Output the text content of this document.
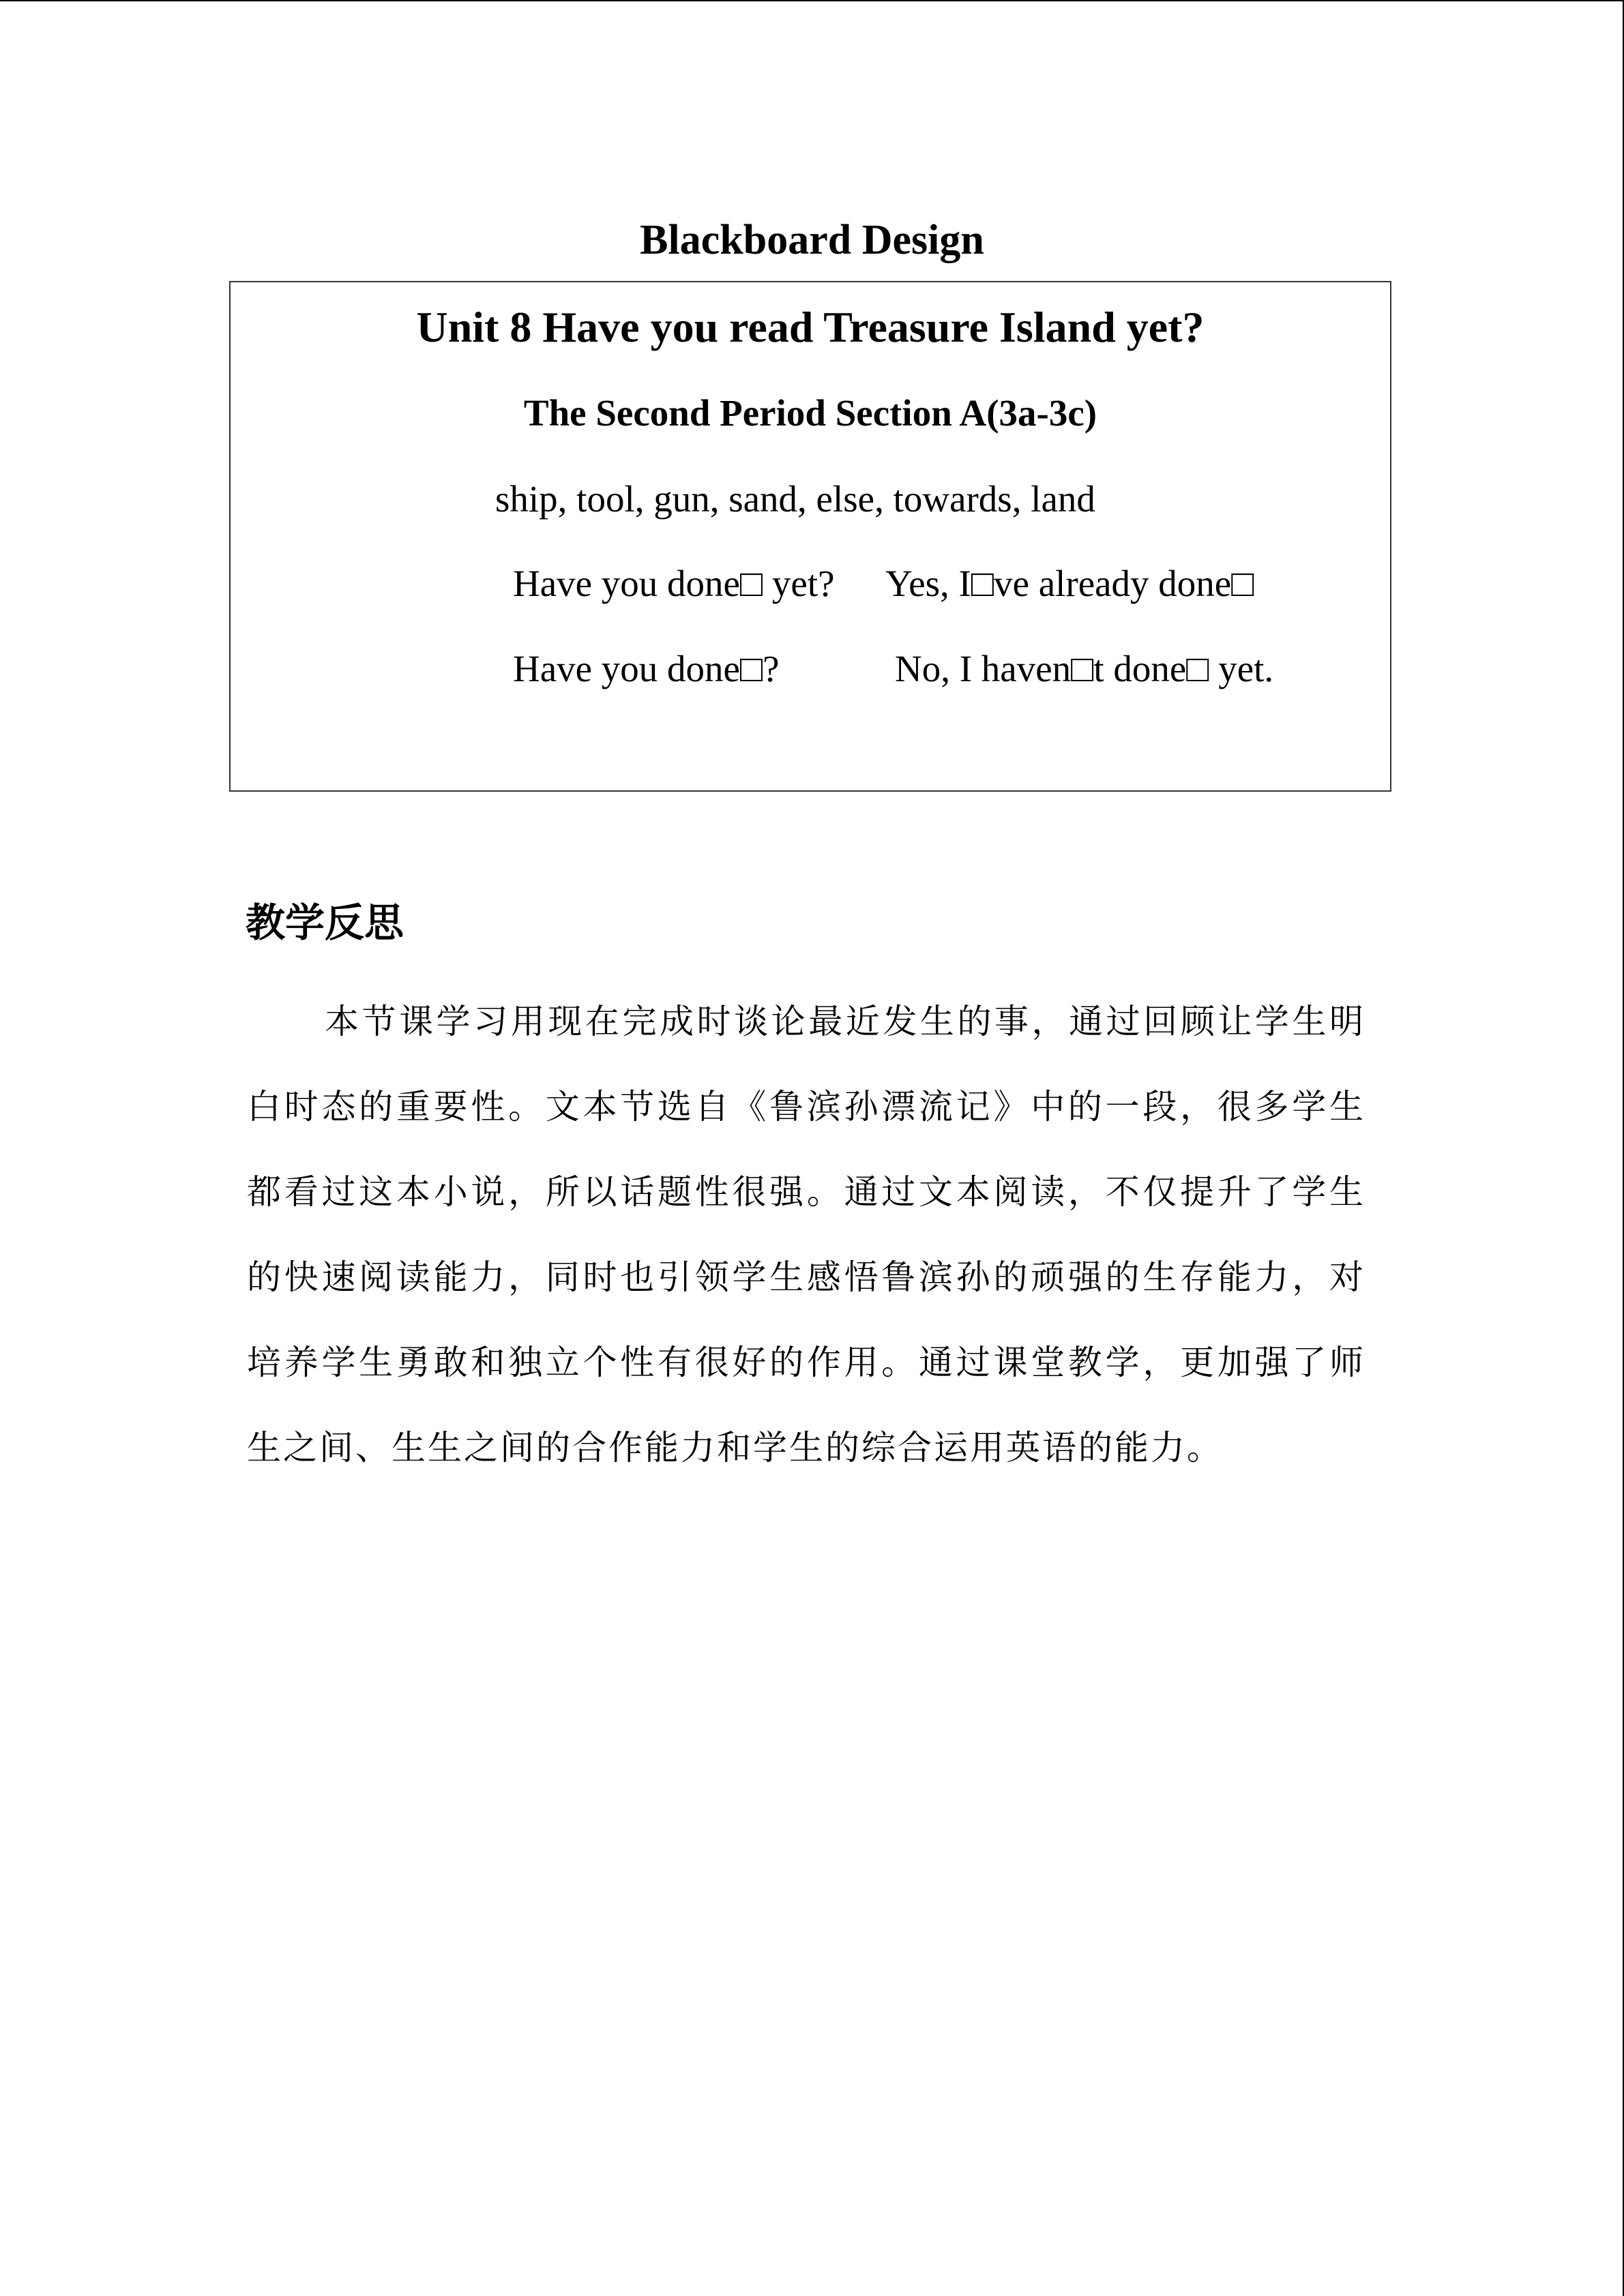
Blackboard Design
Unit 8 Have you read Treasure Island yet?
The Second Period Section A(3a-3c)
ship, tool, gun, sand, else, towards, land
Have you done□ yet? Yes, I□ve already done□
Have you done□?	No, I haven□t done□ yet.
教学反思

本节课学习用现在完成时谈论最近发生的事，通过回顾让学生明白时态的重要性。文本节选自《鲁滨孙漂流记》中的一段，很多学生都看过这本小说，所以话题性很强。通过文本阅读，不仅提升了学生的快速阅读能力，同时也引领学生感悟鲁滨孙的顽强的生存能力，对培养学生勇敢和独立个性有很好的作用。通过课堂教学，更加强了师生之间、生生之间的合作能力和学生的综合运用英语的能力。
